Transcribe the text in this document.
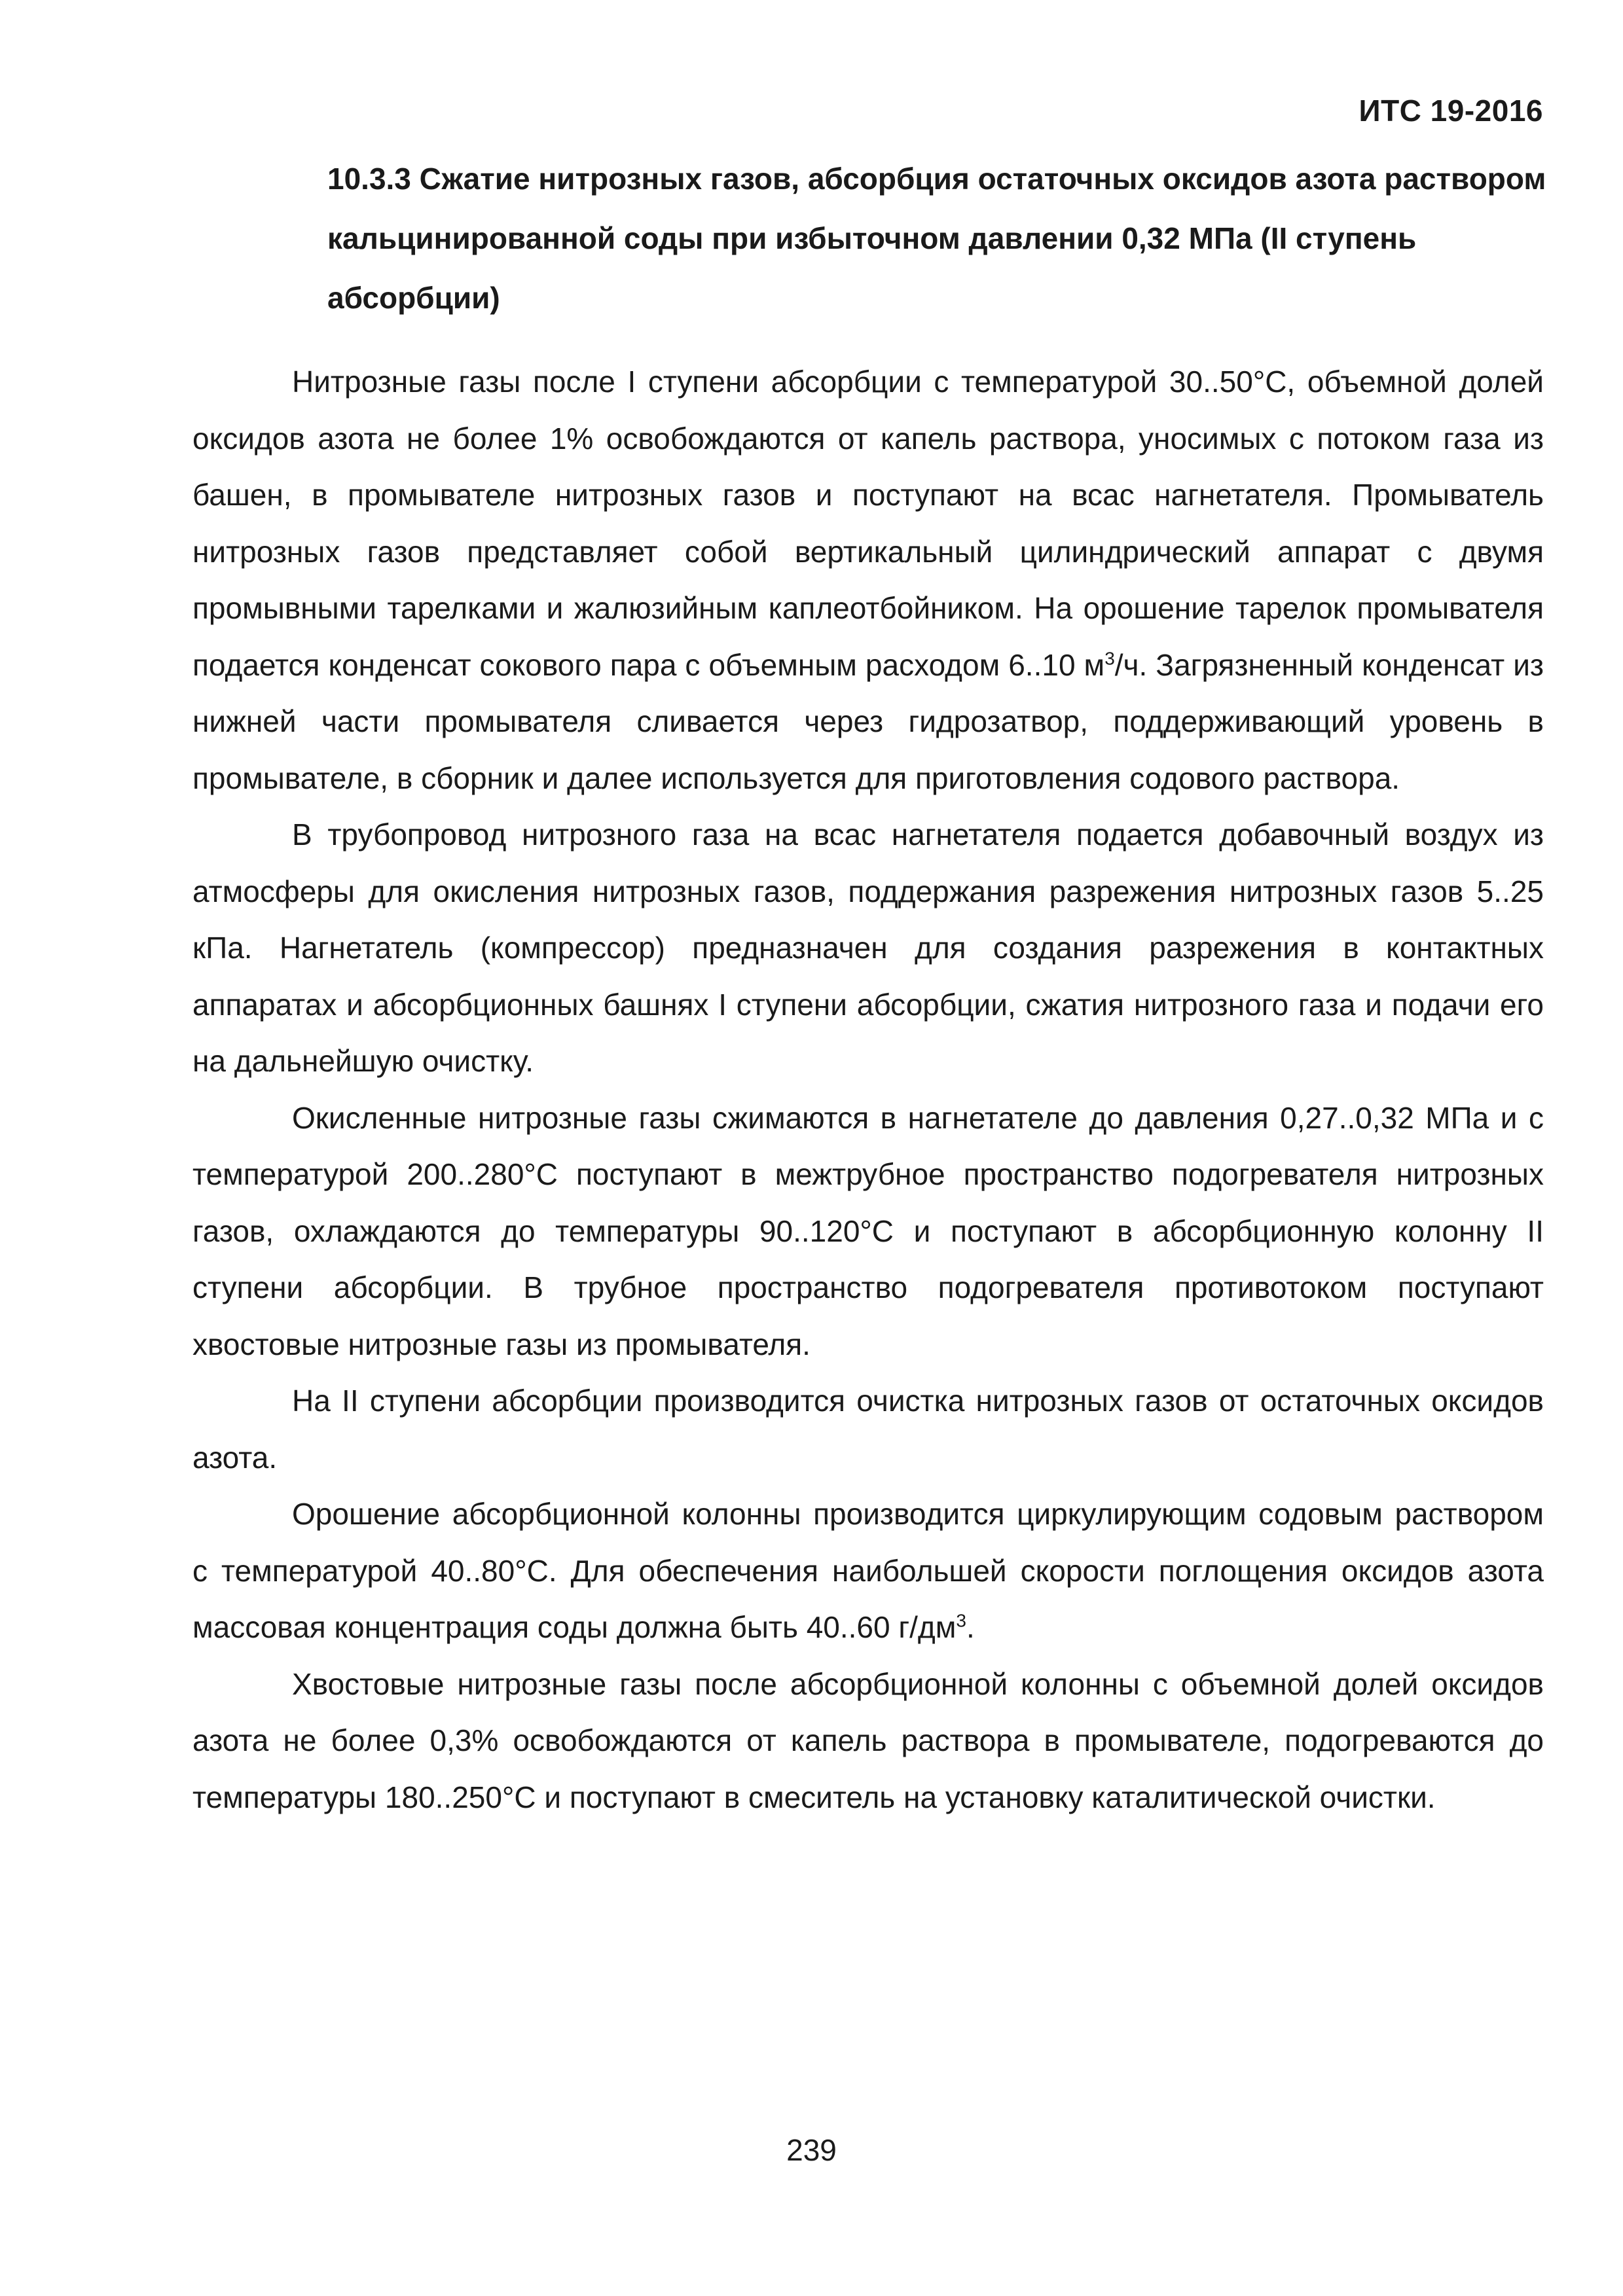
ИТС 19-2016
10.3.3 Сжатие нитрозных газов, абсорбция остаточных оксидов азота раствором кальцинированной соды при избыточном давлении 0,32 МПа (II ступень абсорбции)

Нитрозные газы после I ступени абсорбции с температурой 30..50°С, объемной долей оксидов азота не более 1% освобождаются от капель раствора, уносимых с потоком газа из башен, в промывателе нитрозных газов и поступают на всас нагнетателя. Промыватель нитрозных газов представляет собой вертикальный цилиндрический аппарат с двумя промывными тарелками и жалюзийным каплеотбойником. На орошение тарелок промывателя подается конденсат сокового пара с объемным расходом 6..10 $м^3/ч$. Загрязненный конденсат из нижней части промывателя сливается через гидрозатвор, поддерживающий уровень в промывателе, в сборник и далее используется для приготовления содового раствора.

В трубопровод нитрозного газа на всас нагнетателя подается добавочный воздух из атмосферы для окисления нитрозных газов, поддержания разрежения нитрозных газов 5..25 кПа. Нагнетатель (компрессор) предназначен для создания разрежения в контактных аппаратах и абсорбционных башнях I ступени абсорбции, сжатия нитрозного газа и подачи его на дальнейшую очистку.

Окисленные нитрозные газы сжимаются в нагнетателе до давления 0,27..0,32 МПа и с температурой 200..280°С поступают в межтрубное пространство подогревателя нитрозных газов, охлаждаются до температуры 90..120°С и поступают в абсорбционную колонну II ступени абсорбции. В трубное пространство подогревателя противотоком поступают хвостовые нитрозные газы из промывателя.

На II ступени абсорбции производится очистка нитрозных газов от остаточных оксидов азота.

Орошение абсорбционной колонны производится циркулирующим содовым раствором с температурой 40..80°С. Для обеспечения наибольшей скорости поглощения оксидов азота массовая концентрация соды должна быть 40..60 $г/дм^3$.

Хвостовые нитрозные газы после абсорбционной колонны с объемной долей оксидов азота не более 0,3% освобождаются от капель раствора в промывателе, подогреваются до температуры 180..250°С и поступают в смеситель на установку каталитической очистки.

239
